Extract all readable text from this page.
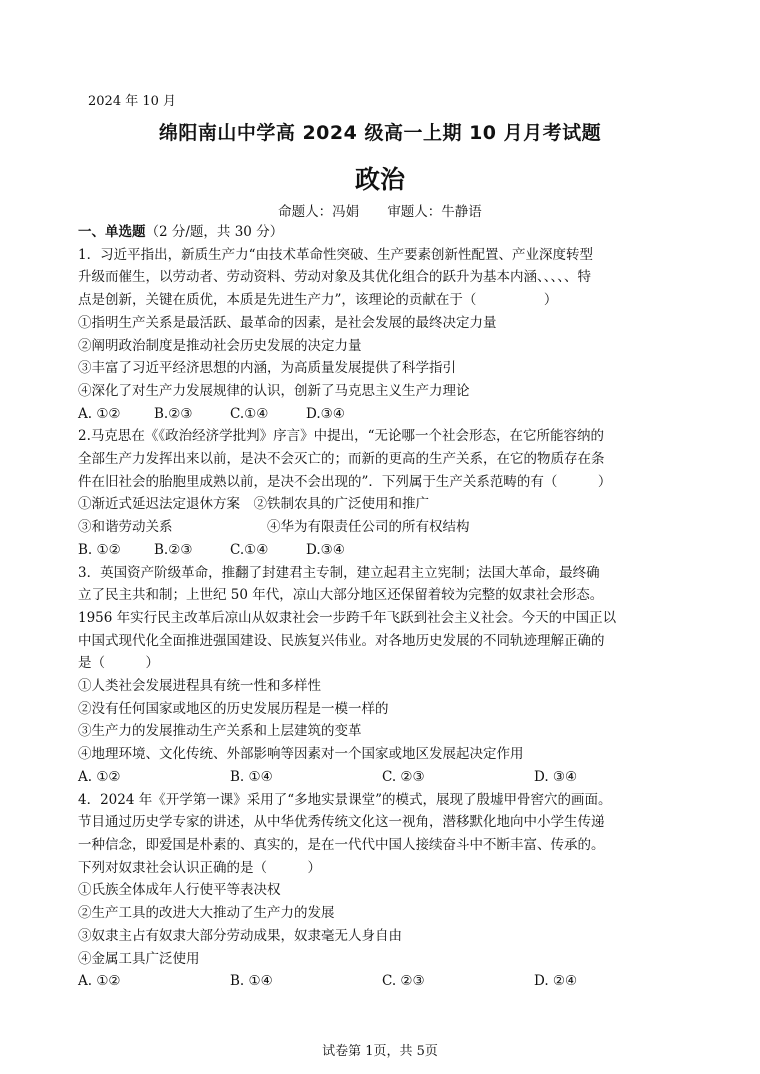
2024 年 10 月
绵阳南山中学高 2024 级高一上期 10 月月考试题
政治
命题人：冯娟 审题人：牛静语
一、单选题（2 分/题，共 30 分）
1．习近平指出，新质生产力“由技术革命性突破、生产要素创新性配置、产业深度转型
升级而催生，以劳动者、劳动资料、劳动对象及其优化组合的跃升为基本内涵、、、、、特
点是创新，关键在质优，本质是先进生产力”，该理论的贡献在于（　　　　　）
①指明生产关系是最活跃、最革命的因素，是社会发展的最终决定力量
②阐明政治制度是推动社会历史发展的决定力量
③丰富了习近平经济思想的内涵，为高质量发展提供了科学指引
④深化了对生产力发展规律的认识，创新了马克思主义生产力理论
A. ①②	B.②③	C.①④	D.③④
2.马克思在《《政治经济学批判》序言》中提出，“无论哪一个社会形态，在它所能容纳的
全部生产力发挥出来以前，是决不会灭亡的；而新的更高的生产关系，在它的物质存在条
件在旧社会的胎胞里成熟以前，是决不会出现的”．下列属于生产关系范畴的有（　　　）
①渐近式延迟法定退休方案　②铁制农具的广泛使用和推广
③和谐劳动关系　　　　　　　④华为有限责任公司的所有权结构
B. ①②	B.②③	C.①④	D.③④
3．英国资产阶级革命，推翻了封建君主专制，建立起君主立宪制；法国大革命，最终确
立了民主共和制；上世纪 50 年代，凉山大部分地区还保留着较为完整的奴隶社会形态。
1956 年实行民主改革后凉山从奴隶社会一步跨千年飞跃到社会主义社会。今天的中国正以
中国式现代化全面推进强国建设、民族复兴伟业。对各地历史发展的不同轨迹理解正确的
是（　　　）
①人类社会发展进程具有统一性和多样性
②没有任何国家或地区的历史发展历程是一模一样的
③生产力的发展推动生产关系和上层建筑的变革
④地理环境、文化传统、外部影响等因素对一个国家或地区发展起决定作用
A. ①②	B. ①④	C. ②③	D. ③④
4．2024 年《开学第一课》采用了“多地实景课堂”的模式，展现了殷墟甲骨窖穴的画面。
节目通过历史学专家的讲述，从中华优秀传统文化这一视角，潜移默化地向中小学生传递
一种信念，即爱国是朴素的、真实的，是在一代代中国人接续奋斗中不断丰富、传承的。
下列对奴隶社会认识正确的是（　　　）
①氏族全体成年人行使平等表决权
②生产工具的改进大大推动了生产力的发展
③奴隶主占有奴隶大部分劳动成果，奴隶毫无人身自由
④金属工具广泛使用
A. ①②	B. ①④	C. ②③	D. ②④
试卷第 1页，共 5页
